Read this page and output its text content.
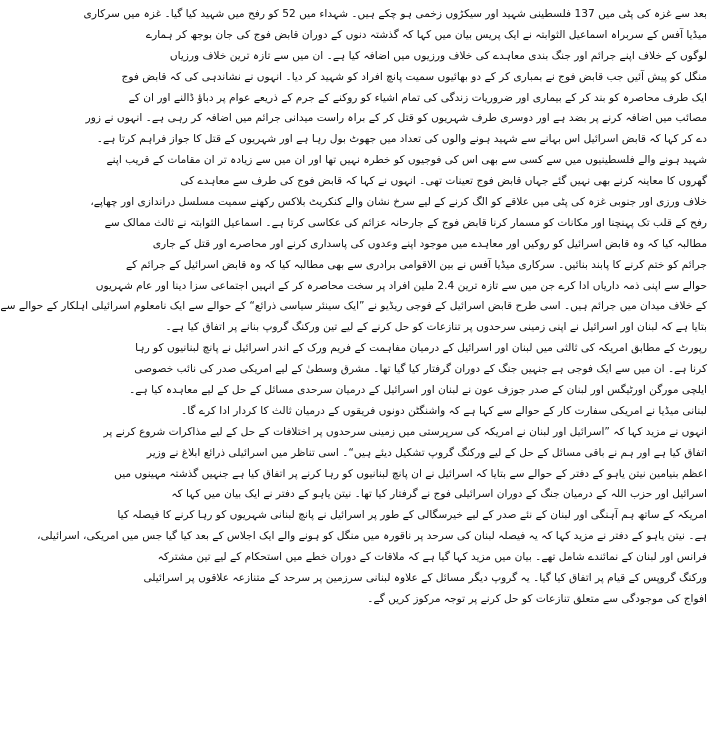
بعد سے غزہ کی پٹی میں 137 فلسطینی شہید اور سیکڑوں زخمی ہو چکے ہیں۔ شہداء میں 52 کو رفح میں شہید کیا گیا۔ غزہ میں سرکاری
میڈیا آفس کے سربراہ اسماعیل الثوابتہ نے ایک پریس بیان میں کہا کہ گذشتہ دنوں کے دوران قابض فوج کی جان بوجھ کر ہمارے
لوگوں کے خلاف اپنے جرائم اور جنگ بندی معاہدے کی خلاف ورزیوں میں اضافہ کیا ہے۔ ان میں سے تازہ ترین خلاف ورزیاں
منگل کو پیش آئیں جب قابض فوج نے بمباری کر کے دو بھائیوں سمیت پانچ افراد کو شہید کر دیا۔ انہوں نے نشاندہی کی کہ قابض فوج
ایک طرف محاصرہ کو بند کر کے بیماری اور ضروریات زندگی کی تمام اشیاء کو روکنے کے جرم کے ذریعے عوام پر دباؤ ڈالنے اور ان کے
مصائب میں اضافہ کرنے پر بضد ہے اور دوسری طرف شہریوں کو قتل کر کے براہ راست میدانی جرائم میں اضافہ کر رہی ہے۔ انہوں نے زور
دے کر کہا کہ قابض اسرائیل اس بہانے سے شہید ہونے والوں کی تعداد میں جھوٹ بول رہا ہے اور شہریوں کے قتل کا جواز فراہم کرتا ہے۔
شہید ہونے والے فلسطینیوں میں سے کسی سے بھی اس کی فوجیوں کو خطرہ نہیں تھا اور ان میں سے زیادہ تر ان مقامات کے قریب اپنے
گھروں کا معاینہ کرنے بھی نہیں گئے جہاں قابض فوج تعینات تھی۔ انہوں نے کہا کہ قابض فوج کی طرف سے معاہدے کی
خلاف ورزی اور جنوبی غزہ کی پٹی میں علاقے کو الگ کرنے کے لیے سرخ نشان والے کنکریٹ بلاکس رکھنے سمیت مسلسل دراندازی اور چھاپے،
رفح کے قلب تک پہنچنا اور مکانات کو مسمار کرنا قابض فوج کے جارحانہ عزائم کی عکاسی کرتا ہے۔ اسماعیل الثوابتہ نے ثالث ممالک سے
مطالبہ کیا کہ وہ قابض اسرائیل کو روکیں اور معاہدے میں موجود اپنے وعدوں کی پاسداری کرنے اور محاصرے اور قتل کے جاری
جرائم کو ختم کرنے کا پابند بنائیں۔ سرکاری میڈیا آفس نے بین الاقوامی برادری سے بھی مطالبہ کیا کہ وہ قابض اسرائیل کے جرائم کے
حوالے سے اپنی ذمہ داریاں ادا کرے جن میں سے تازہ ترین 2.4 ملین افراد پر سخت محاصرہ کر کے انہیں اجتماعی سزا دینا اور عام شہریوں
کے خلاف میدان میں جرائم ہیں۔ اسی طرح قابض اسرائیل کے فوجی ریڈیو نے ”ایک سینئر سیاسی ذرائع“ کے حوالے سے ایک نامعلوم اسرائیلی اہلکار کے حوالے سے
بتایا ہے کہ لبنان اور اسرائیل نے اپنی زمینی سرحدوں پر تنازعات کو حل کرنے کے لیے تین ورکنگ گروپ بنانے پر اتفاق کیا ہے۔
رپورٹ کے مطابق امریکہ کی ثالثی میں لبنان اور اسرائیل کے درمیان مفاہمت کے فریم ورک کے اندر اسرائیل نے پانچ لبنانیوں کو رہا
کرنا ہے۔ ان میں سے ایک فوجی ہے جنہیں جنگ کے دوران گرفتار کیا گیا تھا۔ مشرق وسطیٰ کے لیے امریکی صدر کی نائب خصوصی
ایلچی مورگن اورٹیگس اور لبنان کے صدر جوزف عون نے لبنان اور اسرائیل کے درمیان سرحدی مسائل کے حل کے لیے معاہدہ کیا ہے۔
لبنانی میڈیا نے امریکی سفارت کار کے حوالے سے کہا ہے کہ واشنگٹن دونوں فریقوں کے درمیان ثالث کا کردار ادا کرے گا۔
انہوں نے مزید کہا کہ ”اسرائیل اور لبنان نے امریکہ کی سرپرستی میں زمینی سرحدوں پر اختلافات کے حل کے لیے مذاکرات شروع کرنے پر
اتفاق کیا ہے اور ہم نے باقی مسائل کے حل کے لیے ورکنگ گروپ تشکیل دیئے ہیں“۔ اسی تناظر میں اسرائیلی ذرائع ابلاغ نے وزیر
اعظم بنیامین نیتن یاہو کے دفتر کے حوالے سے بتایا کہ اسرائیل نے ان پانچ لبنانیوں کو رہا کرنے پر اتفاق کیا ہے جنہیں گذشتہ مہینوں میں
اسرائیل اور حزب اللہ کے درمیان جنگ کے دوران اسرائیلی فوج نے گرفتار کیا تھا۔ نیتن یاہو کے دفتر نے ایک بیان میں کہا کہ
امریکہ کے ساتھ ہم آہنگی اور لبنان کے نئے صدر کے لیے خیرسگالی کے طور پر اسرائیل نے پانچ لبنانی شہریوں کو رہا کرنے کا فیصلہ کیا
ہے۔ نیتن یاہو کے دفتر نے مزید کہا کہ یہ فیصلہ لبنان کی سرحد پر ناقورہ میں منگل کو ہونے والے ایک اجلاس کے بعد کیا گیا جس میں امریکی، اسرائیلی،
فرانس اور لبنان کے نمائندے شامل تھے۔ بیان میں مزید کہا گیا ہے کہ ملاقات کے دوران خطے میں استحکام کے لیے تین مشترکہ
ورکنگ گروپس کے قیام پر اتفاق کیا گیا۔ یہ گروپ دیگر مسائل کے علاوہ لبنانی سرزمین پر سرحد کے متنازعہ علاقوں پر اسرائیلی
افواج کی موجودگی سے متعلق تنازعات کو حل کرنے پر توجہ مرکوز کریں گے۔
